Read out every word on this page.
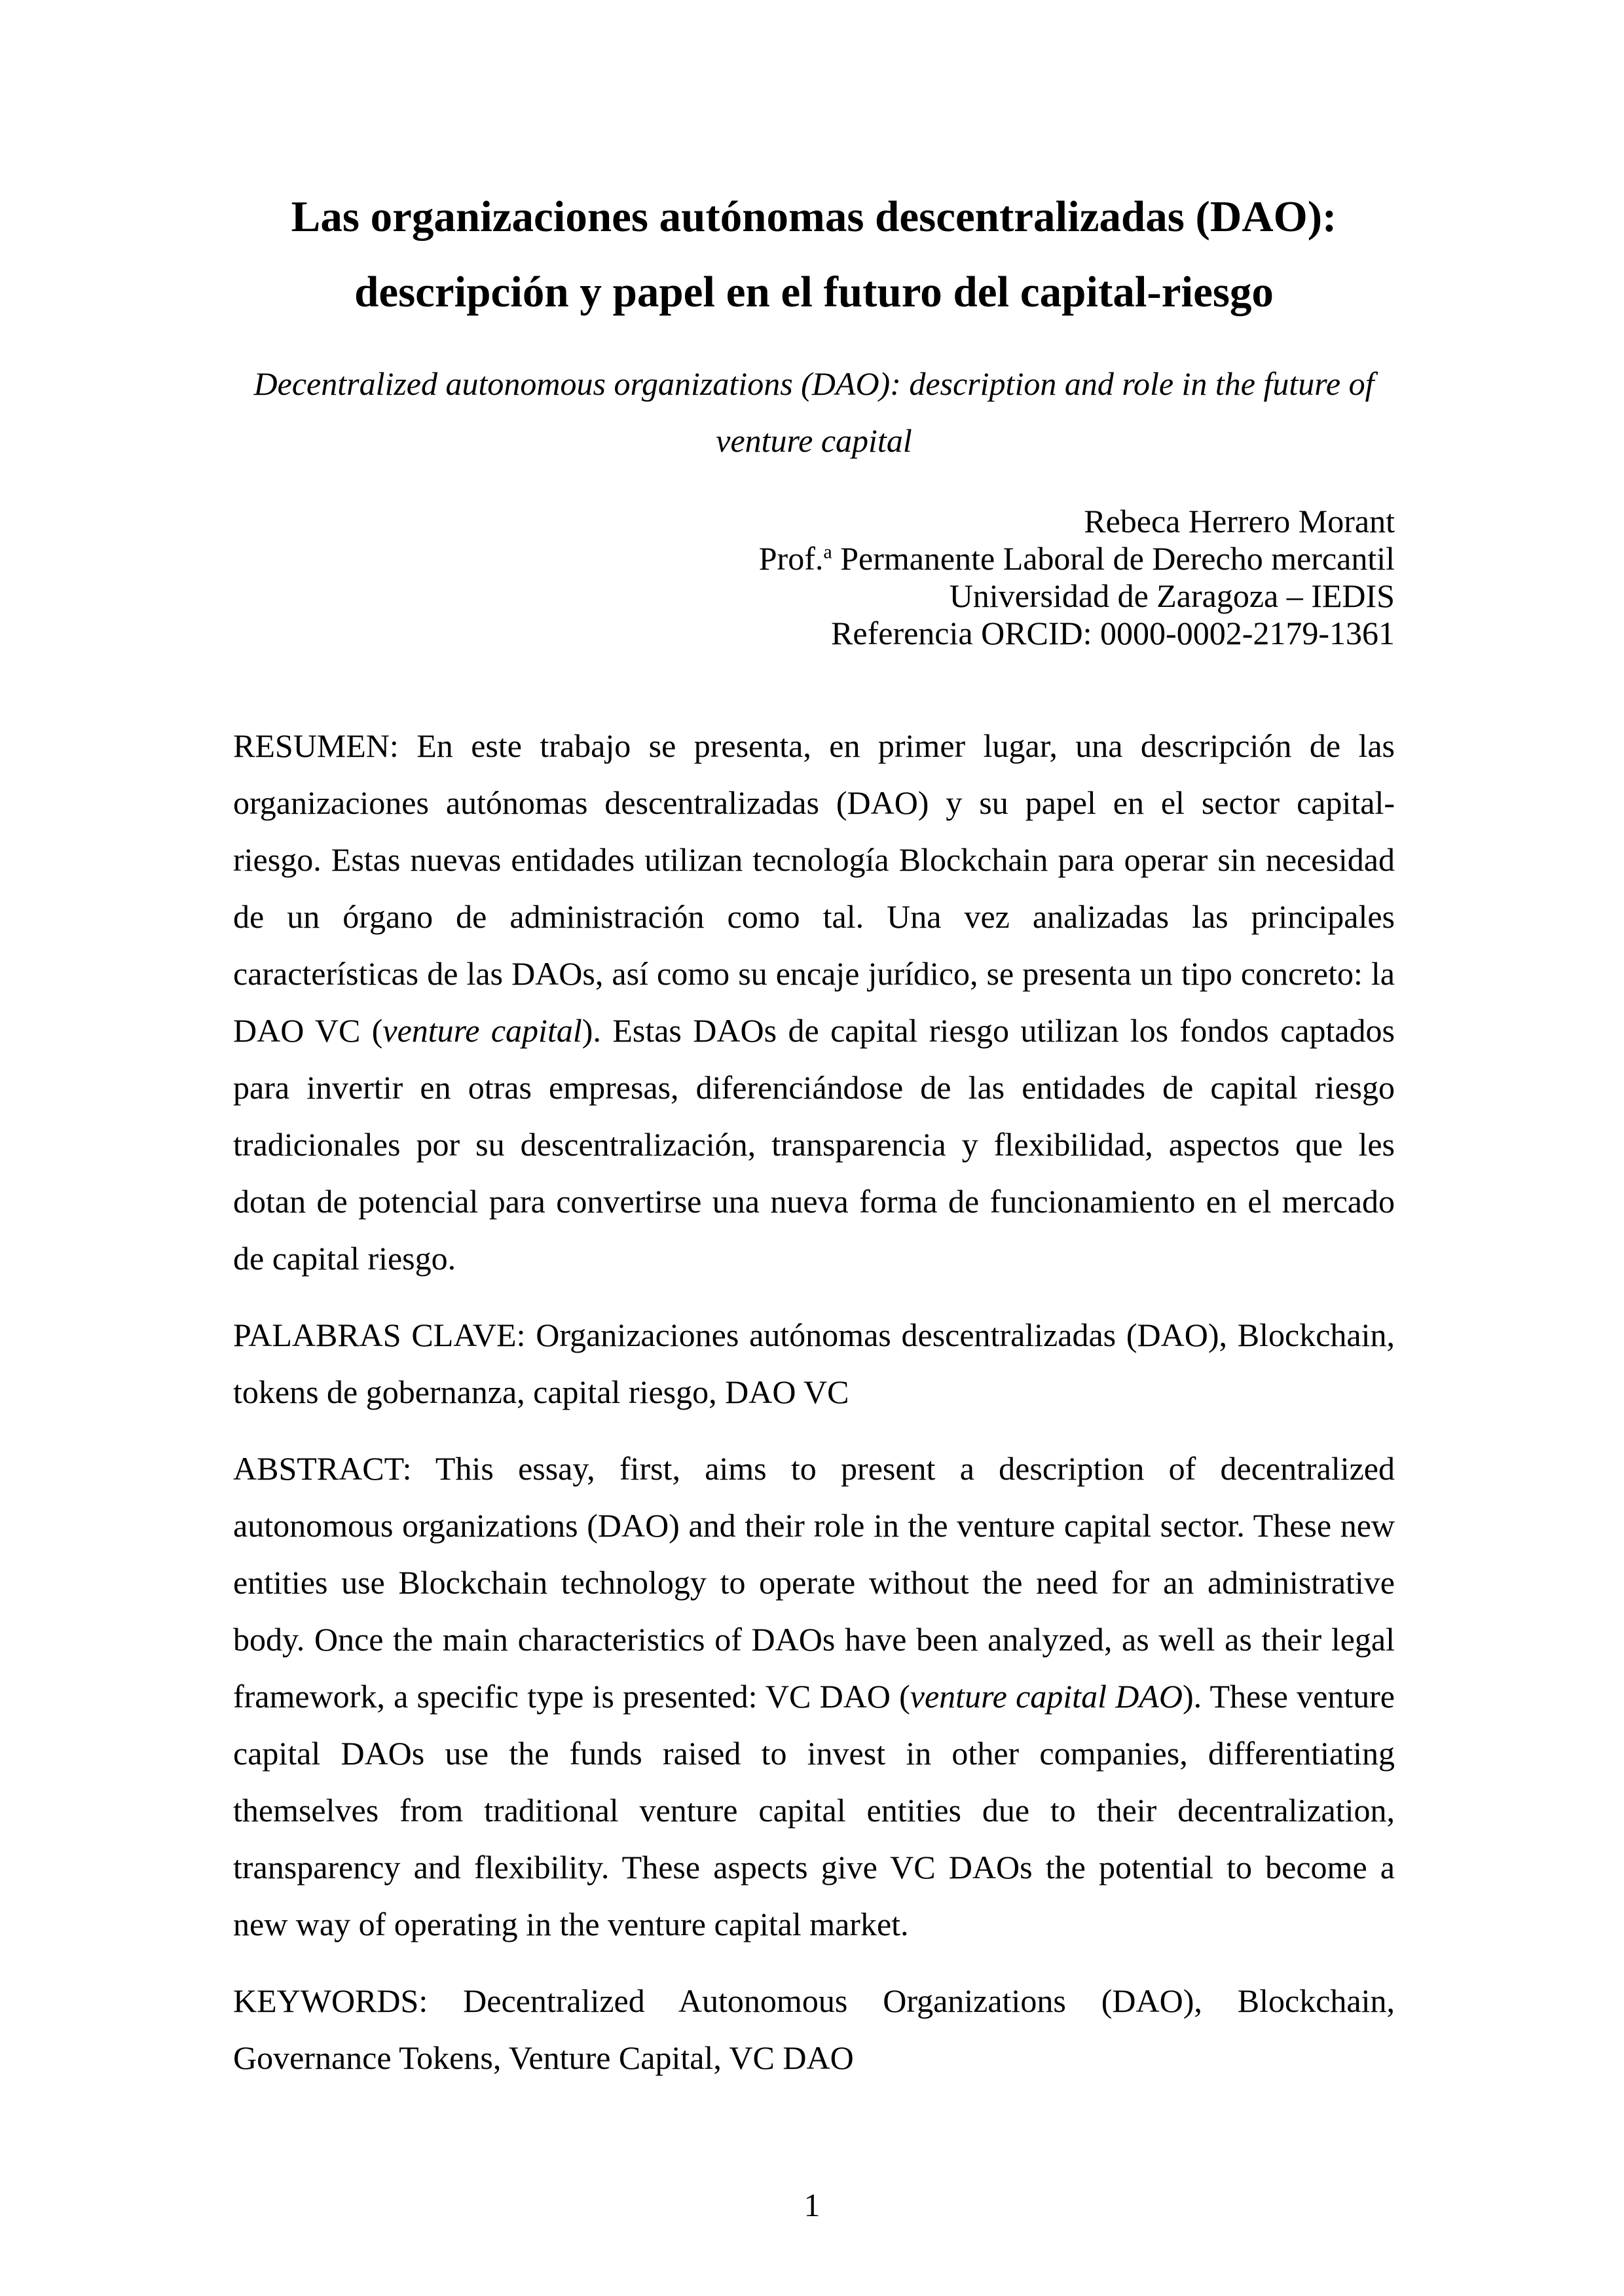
Las organizaciones autónomas descentralizadas (DAO):
descripción y papel en el futuro del capital-riesgo
Decentralized autonomous organizations (DAO): description and role in the future of
venture capital
Rebeca Herrero Morant
Prof.$^a$ Permanente Laboral de Derecho mercantil
Universidad de Zaragoza – IEDIS
Referencia ORCID: 0000-0002-2179-1361

RESUMEN: En este trabajo se presenta, en primer lugar, una descripción de las organizaciones autónomas descentralizadas (DAO) y su papel en el sector capital-riesgo. Estas nuevas entidades utilizan tecnología Blockchain para operar sin necesidad de un órgano de administración como tal. Una vez analizadas las principales características de las DAOs, así como su encaje jurídico, se presenta un tipo concreto: la DAO VC (venture capital). Estas DAOs de capital riesgo utilizan los fondos captados para invertir en otras empresas, diferenciándose de las entidades de capital riesgo tradicionales por su descentralización, transparencia y flexibilidad, aspectos que les dotan de potencial para convertirse una nueva forma de funcionamiento en el mercado de capital riesgo.

PALABRAS CLAVE: Organizaciones autónomas descentralizadas (DAO), Blockchain, tokens de gobernanza, capital riesgo, DAO VC

ABSTRACT: This essay, first, aims to present a description of decentralized autonomous organizations (DAO) and their role in the venture capital sector. These new entities use Blockchain technology to operate without the need for an administrative body. Once the main characteristics of DAOs have been analyzed, as well as their legal framework, a specific type is presented: VC DAO (venture capital DAO). These venture capital DAOs use the funds raised to invest in other companies, differentiating themselves from traditional venture capital entities due to their decentralization, transparency and flexibility. These aspects give VC DAOs the potential to become a new way of operating in the venture capital market.

KEYWORDS: Decentralized Autonomous Organizations (DAO), Blockchain, Governance Tokens, Venture Capital, VC DAO

1
